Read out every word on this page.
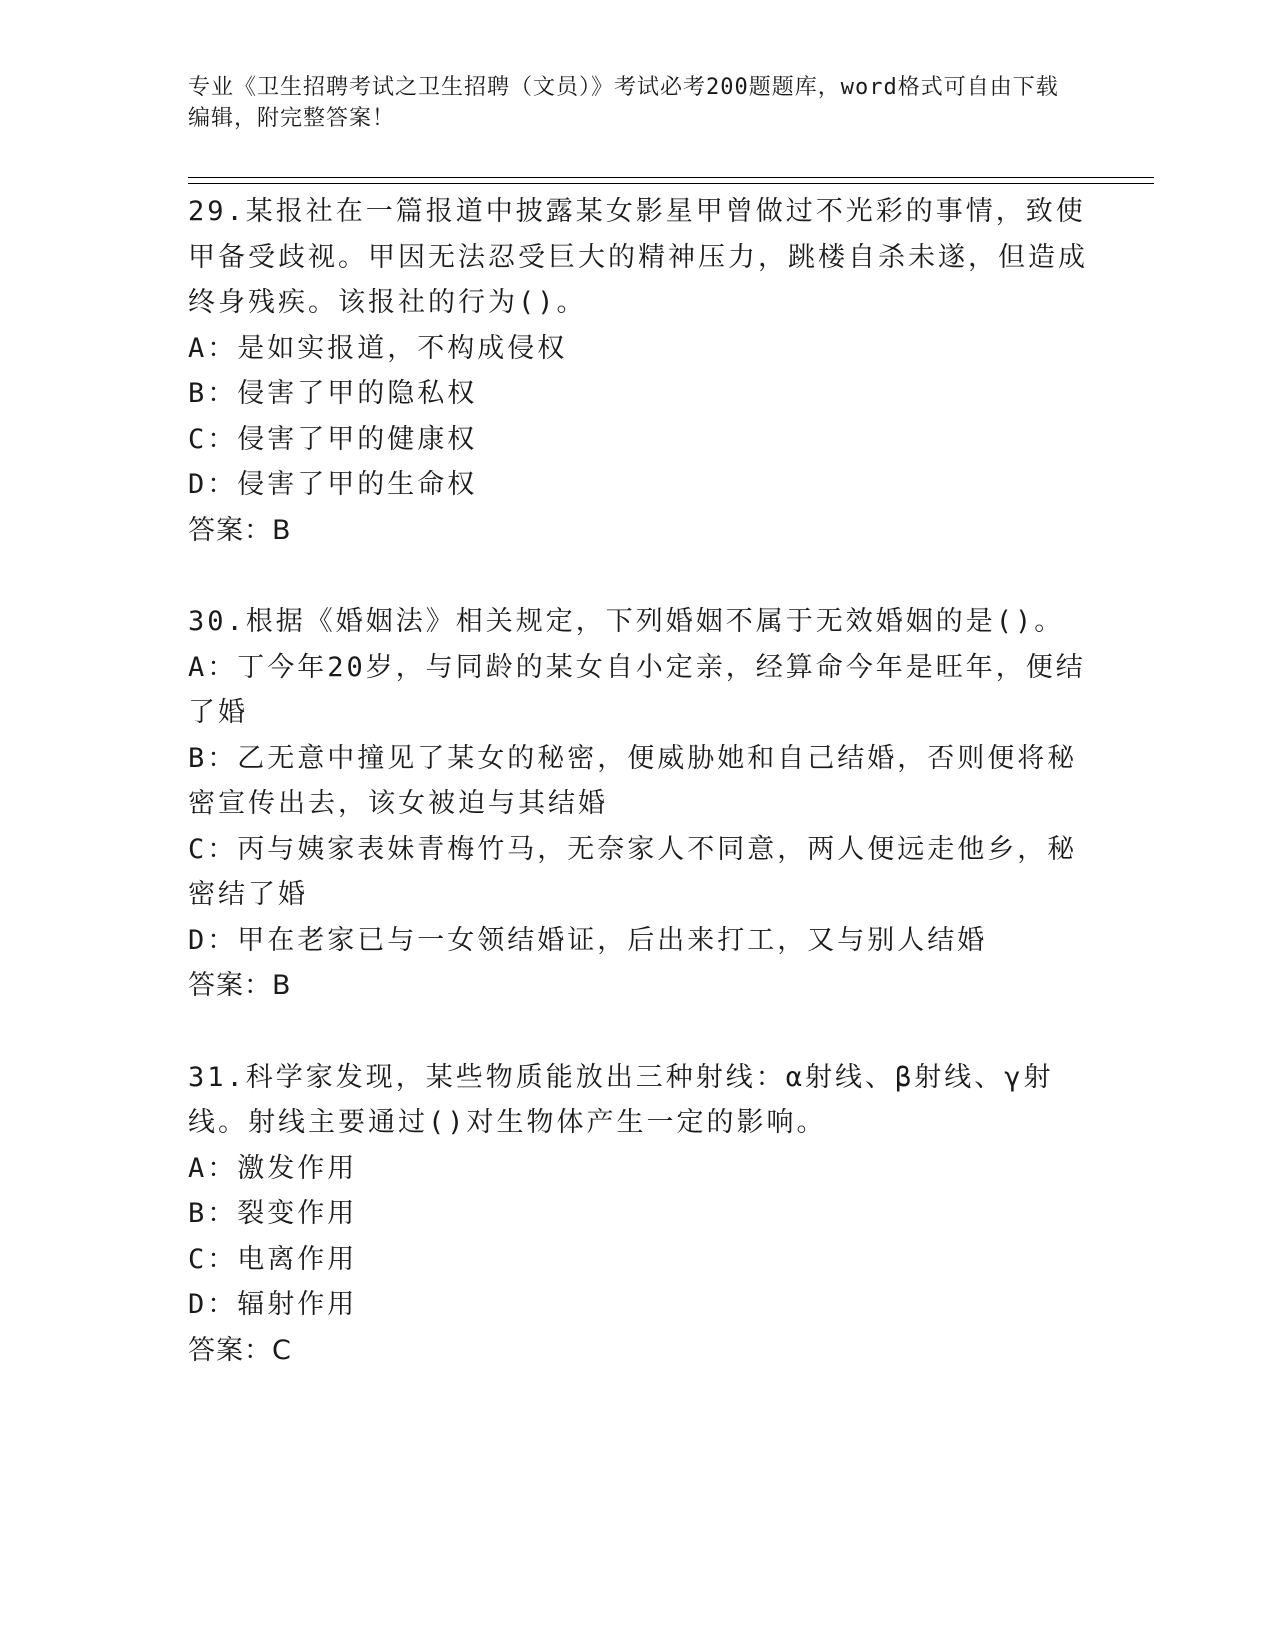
专业《卫生招聘考试之卫生招聘（文员）》考试必考200题题库，word格式可自由下载编辑，附完整答案！

29.某报社在一篇报道中披露某女影星甲曾做过不光彩的事情，致使甲备受歧视。甲因无法忍受巨大的精神压力，跳楼自杀未遂，但造成终身残疾。该报社的行为()。

A：是如实报道，不构成侵权

B：侵害了甲的隐私权

C：侵害了甲的健康权

D：侵害了甲的生命权

答案：B

30.根据《婚姻法》相关规定，下列婚姻不属于无效婚姻的是()。

A：丁今年20岁，与同龄的某女自小定亲，经算命今年是旺年，便结了婚

B：乙无意中撞见了某女的秘密，便威胁她和自己结婚，否则便将秘密宣传出去，该女被迫与其结婚

C：丙与姨家表妹青梅竹马，无奈家人不同意，两人便远走他乡，秘密结了婚

D：甲在老家已与一女领结婚证，后出来打工，又与别人结婚

答案：B

31.科学家发现，某些物质能放出三种射线：α射线、β射线、γ射线。射线主要通过()对生物体产生一定的影响。

A：激发作用

B：裂变作用

C：电离作用

D：辐射作用

答案：C
